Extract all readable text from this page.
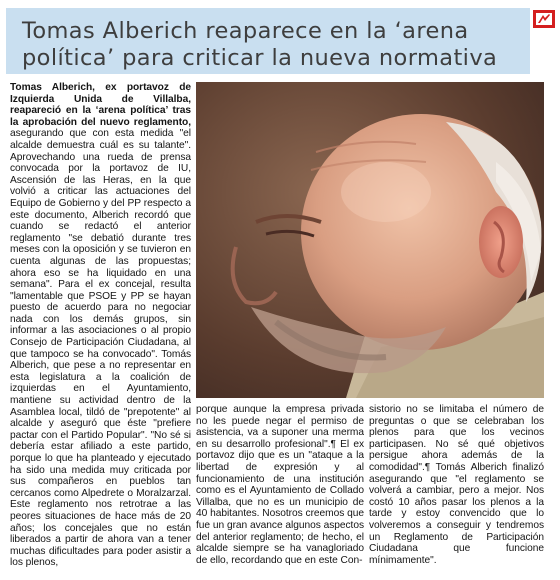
Tomas Alberich reaparece en la ‘arena
política’ para criticar la nueva normativa

Tomas Alberich, ex portavoz de Izquierda Unida de Villalba, reapareció en la ‘arena política’ tras la aprobación del nuevo reglamento, asegurando que con esta medida "el alcalde demuestra cuál es su talante". Aprovechando una rueda de prensa convocada por la portavoz de IU, Ascensión de las Heras, en la que volvió a criticar las actuaciones del Equipo de Gobierno y del PP respecto a este documento, Alberich recordó que cuando se redactó el anterior reglamento "se debatió durante tres meses con la oposición y se tuvieron en cuenta algunas de las propuestas; ahora eso se ha liquidado en una semana". Para el ex concejal, resulta "lamentable que PSOE y PP se hayan puesto de acuerdo para no negociar nada con los demás grupos, sin informar a las asociaciones o al propio Consejo de Participación Ciudadana, al que tampoco se ha convocado". Tomás Alberich, que pese a no representar en esta legislatura a la coalición de izquierdas en el Ayuntamiento, mantiene su actividad dentro de la Asamblea local, tildó de "prepotente" al alcalde y aseguró que éste "prefiere pactar con el Partido Popular". "No sé si debería estar afiliado a este partido, porque lo que ha planteado y ejecutado ha sido una medida muy criticada por sus compañeros en pueblos tan cercanos como Alpedrete o Moralzarzal. Este reglamento nos retrotrae a las peores situaciones de hace más de 20 años; los concejales que no están liberados a partir de ahora van a tener muchas dificultades para poder asistir a los plenos,

porque aunque la empresa privada no les puede negar el permiso de asistencia, va a suponer una merma en su desarrollo profesional".¶ El ex portavoz dijo que es un "ataque a la libertad de expresión y al funcionamiento de una institución como es el Ayuntamiento de Collado Villalba, que no es un municipio de 40 habitantes. Nosotros creemos que fue un gran avance algunos aspectos del anterior reglamento; de hecho, el alcalde siempre se ha vanagloriado de ello, recordando que en este Con-

sistorio no se limitaba el número de preguntas o que se celebraban los plenos para que los vecinos participasen. No sé qué objetivos persigue ahora además de la comodidad".¶ Tomás Alberich finalizó asegurando que "el reglamento se volverá a cambiar, pero a mejor. Nos costó 10 años pasar los plenos a la tarde y estoy convencido que lo volveremos a conseguir y tendremos un Reglamento de Participación Ciudadana que funcione mínimamente".
